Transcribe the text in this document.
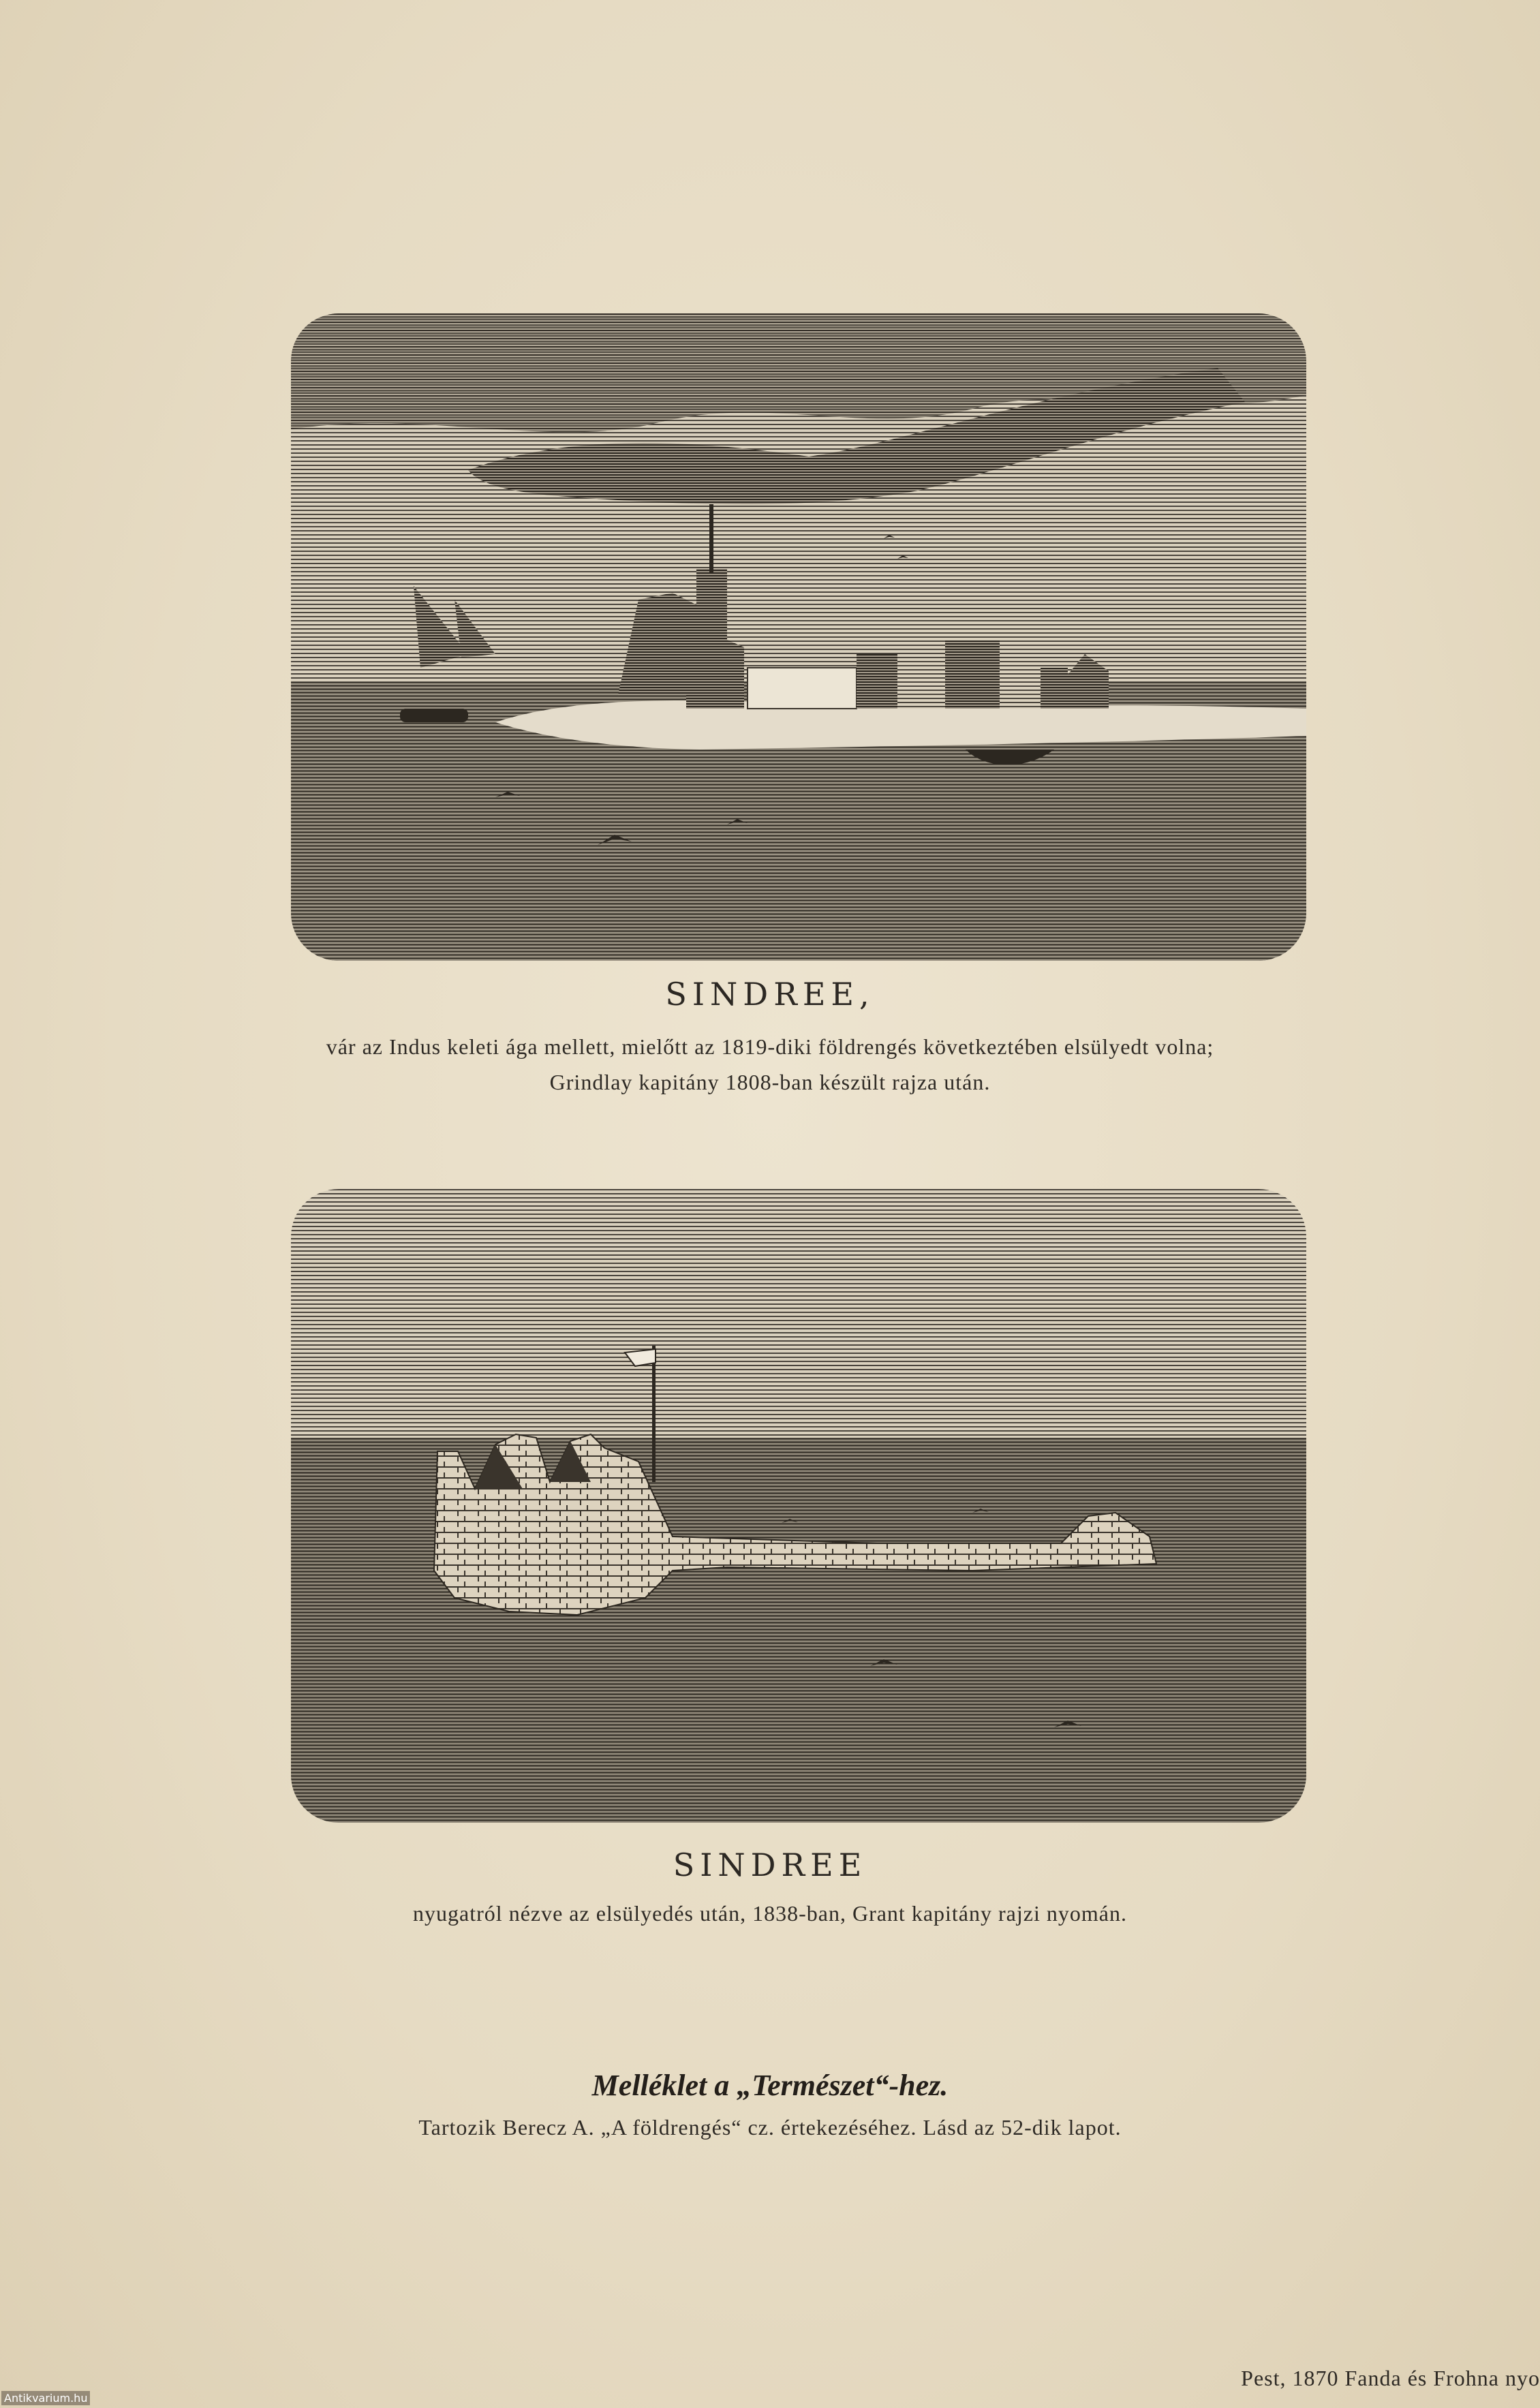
SINDREE,
vár az Indus keleti ága mellett, mielőtt az 1819-diki földrengés következtében elsülyedt volna;
Grindlay kapitány 1808-ban készült rajza után.
SINDREE
nyugatról nézve az elsülyedés után, 1838-ban, Grant kapitány rajzi nyomán.
Melléklet a „Természet“-hez.
Tartozik Berecz A. „A földrengés“ cz. értekezéséhez. Lásd az 52-dik lapot.
Pest, 1870 Fanda és Frohna nyo
Antikvarium.hu
